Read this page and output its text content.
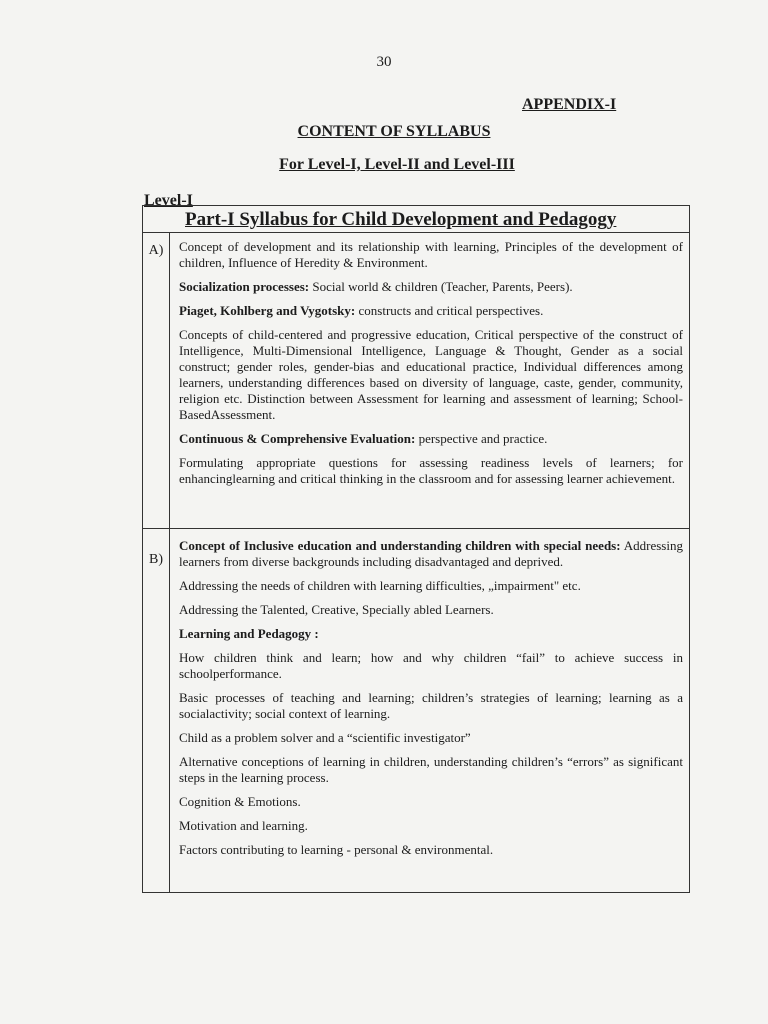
30
APPENDIX-I
CONTENT OF SYLLABUS
For Level-I, Level-II and Level-III
Level-I
Part-I Syllabus for Child Development and Pedagogy
A)	Concept of development and its relationship with learning, Principles of the development of children, Influence of Heredity & Environment.

Socialization processes: Social world & children (Teacher, Parents, Peers).

Piaget, Kohlberg and Vygotsky: constructs and critical perspectives.

Concepts of child-centered and progressive education, Critical perspective of the construct of Intelligence, Multi-Dimensional Intelligence, Language & Thought, Gender as a social construct; gender roles, gender-bias and educational practice, Individual differences among learners, understanding differences based on diversity of language, caste, gender, community, religion etc. Distinction between Assessment for learning and assessment of learning; School-BasedAssessment.

Continuous & Comprehensive Evaluation: perspective and practice.

Formulating appropriate questions for assessing readiness levels of learners; for enhancinglearning and critical thinking in the classroom and for assessing learner achievement.

B)

Concept of Inclusive education and understanding children with special needs: Addressing learners from diverse backgrounds including disadvantaged and deprived.

Addressing the needs of children with learning difficulties, „impairment" etc.

Addressing the Talented, Creative, Specially abled Learners.

Learning and Pedagogy :

How children think and learn; how and why children “fail” to achieve success in schoolperformance.

Basic processes of teaching and learning; children’s strategies of learning; learning as a socialactivity; social context of learning.

Child as a problem solver and a “scientific investigator”

Alternative conceptions of learning in children, understanding children’s “errors” as significant steps in the learning process.

Cognition & Emotions.

Motivation and learning.

Factors contributing to learning - personal & environmental.
